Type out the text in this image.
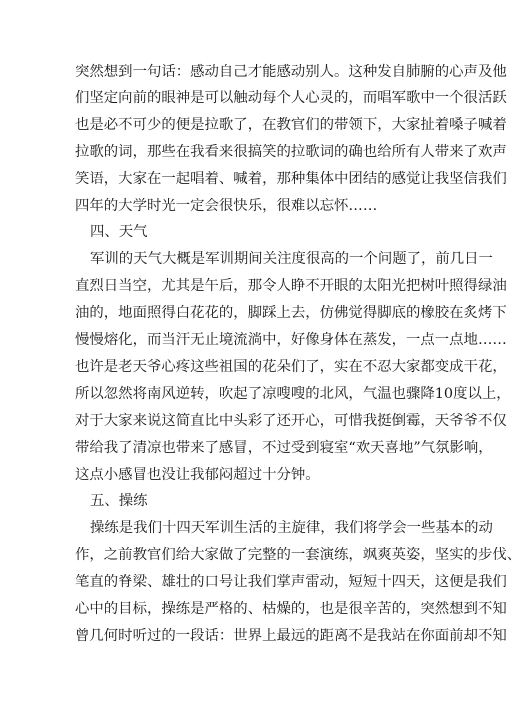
突然想到一句话：感动自己才能感动别人。这种发自肺腑的心声及他
们坚定向前的眼神是可以触动每个人心灵的，而唱军歌中一个很活跃
也是必不可少的便是拉歌了，在教官们的带领下，大家扯着嗓子喊着
拉歌的词，那些在我看来很搞笑的拉歌词的确也给所有人带来了欢声
笑语，大家在一起唱着、喊着，那种集体中团结的感觉让我坚信我们
四年的大学时光一定会很快乐，很难以忘怀……
四、天气
军训的天气大概是军训期间关注度很高的一个问题了，前几日一
直烈日当空，尤其是午后，那令人睁不开眼的太阳光把树叶照得绿油
油的，地面照得白花花的，脚踩上去，仿佛觉得脚底的橡胶在炙烤下
慢慢熔化，而当汗无止境流淌中，好像身体在蒸发，一点一点地……
也许是老天爷心疼这些祖国的花朵们了，实在不忍大家都变成干花，
所以忽然将南风逆转，吹起了凉嗖嗖的北风，气温也骤降10度以上，
对于大家来说这简直比中头彩了还开心，可惜我挺倒霉，天爷爷不仅
带给我了清凉也带来了感冒，不过受到寝室“欢天喜地”气氛影响，
这点小感冒也没让我郁闷超过十分钟。
五、操练
操练是我们十四天军训生活的主旋律，我们将学会一些基本的动
作，之前教官们给大家做了完整的一套演练，飒爽英姿，坚实的步伐、
笔直的脊梁、雄壮的口号让我们掌声雷动，短短十四天，这便是我们
心中的目标，操练是严格的、枯燥的，也是很辛苦的，突然想到不知
曾几何时听过的一段话：世界上最远的距离不是我站在你面前却不知
